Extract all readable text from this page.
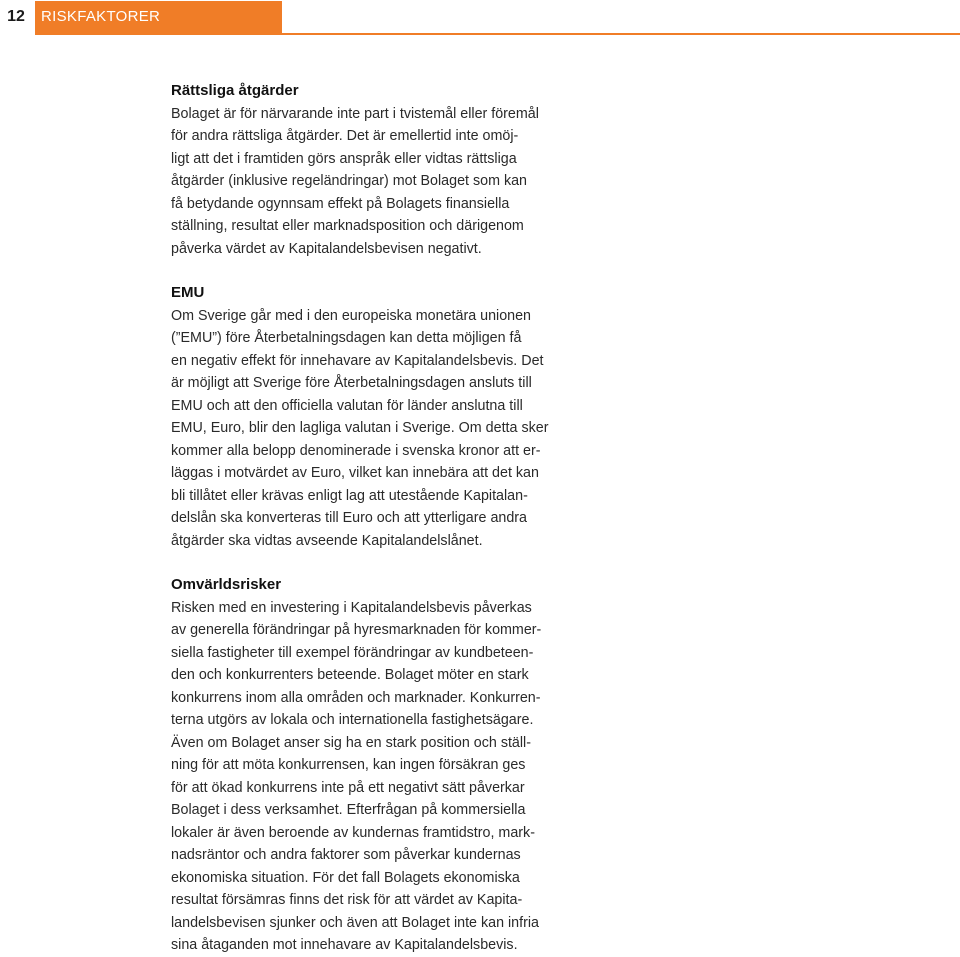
12	RISKFAKTORER
Rättsliga åtgärder

Bolaget är för närvarande inte part i tvistemål eller föremål
för andra rättsliga åtgärder. Det är emellertid inte omöj-
ligt att det i framtiden görs anspråk eller vidtas rättsliga
åtgärder (inklusive regeländringar) mot Bolaget som kan
få betydande ogynnsam effekt på Bolagets finansiella
ställning, resultat eller marknadsposition och därigenom
påverka värdet av Kapitalandelsbevisen negativt.

EMU

Om Sverige går med i den europeiska monetära unionen
(”EMU”) före Återbetalningsdagen kan detta möjligen få
en negativ effekt för innehavare av Kapitalandelsbevis. Det
är möjligt att Sverige före Återbetalningsdagen ansluts till
EMU och att den officiella valutan för länder anslutna till
EMU, Euro, blir den lagliga valutan i Sverige. Om detta sker
kommer alla belopp denominerade i svenska kronor att er-
läggas i motvärdet av Euro, vilket kan innebära att det kan
bli tillåtet eller krävas enligt lag att utestående Kapitalan-
delslån ska konverteras till Euro och att ytterligare andra
åtgärder ska vidtas avseende Kapitalandelslånet.

Omvärldsrisker

Risken med en investering i Kapitalandelsbevis påverkas
av generella förändringar på hyresmarknaden för kommer-
siella fastigheter till exempel förändringar av kundbeteen-
den och konkurrenters beteende. Bolaget möter en stark
konkurrens inom alla områden och marknader. Konkurren-
terna utgörs av lokala och internationella fastighetsägare.
Även om Bolaget anser sig ha en stark position och ställ-
ning för att möta konkurrensen, kan ingen försäkran ges
för att ökad konkurrens inte på ett negativt sätt påverkar
Bolaget i dess verksamhet. Efterfrågan på kommersiella
lokaler är även beroende av kundernas framtidstro, mark-
nadsräntor och andra faktorer som påverkar kundernas
ekonomiska situation. För det fall Bolagets ekonomiska
resultat försämras finns det risk för att värdet av Kapita-
landelsbevisen sjunker och även att Bolaget inte kan infria
sina åtaganden mot innehavare av Kapitalandelsbevis.
